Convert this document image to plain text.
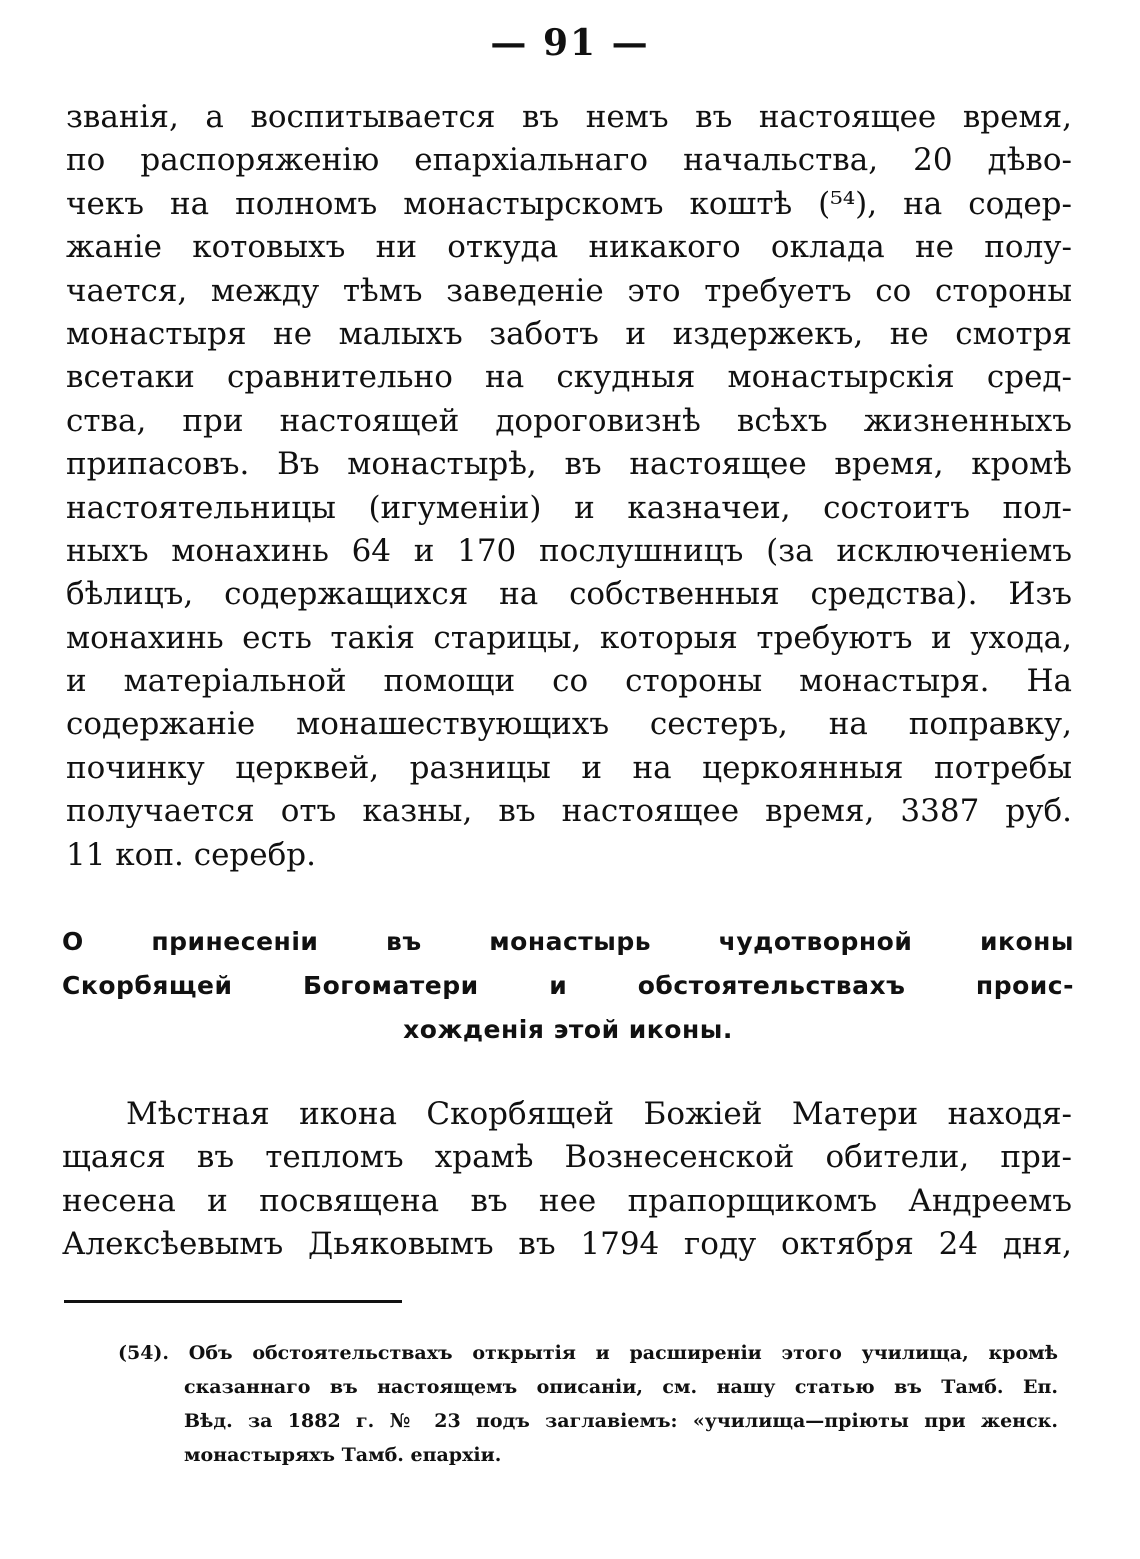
— 91 —
званія, а воспитывается въ немъ въ настоящее время,
по распоряженію епархіальнаго начальства, 20 дѣво-
чекъ на полномъ монастырскомъ коштѣ (⁵⁴), на содер-
жаніе котовыхъ ни откуда никакого оклада не полу-
чается, между тѣмъ заведеніе это требуетъ со стороны
монастыря не малыхъ заботъ и издержекъ, не смотря
всетаки сравнительно на скудныя монастырскія сред-
ства, при настоящей дороговизнѣ всѣхъ жизненныхъ
припасовъ. Въ монастырѣ, въ настоящее время, кромѣ
настоятельницы (игуменіи) и казначеи, состоитъ пол-
ныхъ монахинь 64 и 170 послушницъ (за исключеніемъ
бѣлицъ, содержащихся на собственныя средства). Изъ
монахинь есть такія старицы, которыя требуютъ и ухода,
и матеріальной помощи со стороны монастыря. На
содержаніе монашествующихъ сестеръ, на поправку,
починку церквей, разницы и на церкоянныя потребы
получается отъ казны, въ настоящее время, 3387 руб.
11 коп. серебр.
О принесеніи въ монастырь чудотворной иконы
Скорбящей Богоматери и обстоятельствахъ проис-
хожденія этой иконы.
Мѣстная икона Скорбящей Божіей Матери находя-
щаяся въ тепломъ храмѣ Вознесенской обители, при-
несена и посвящена въ нее прапорщикомъ Андреемъ
Алексѣевымъ Дьяковымъ въ 1794 году октября 24 дня,
(54). Объ обстоятельствахъ открытія и расширеніи этого училища, кромѣ
сказаннаго въ настоящемъ описаніи, см. нашу статью въ Тамб. Еп.
Вѣд. за 1882 г. № 23 подъ заглавіемъ: «училища—пріюты при женск.
монастыряхъ Тамб. епархіи.
